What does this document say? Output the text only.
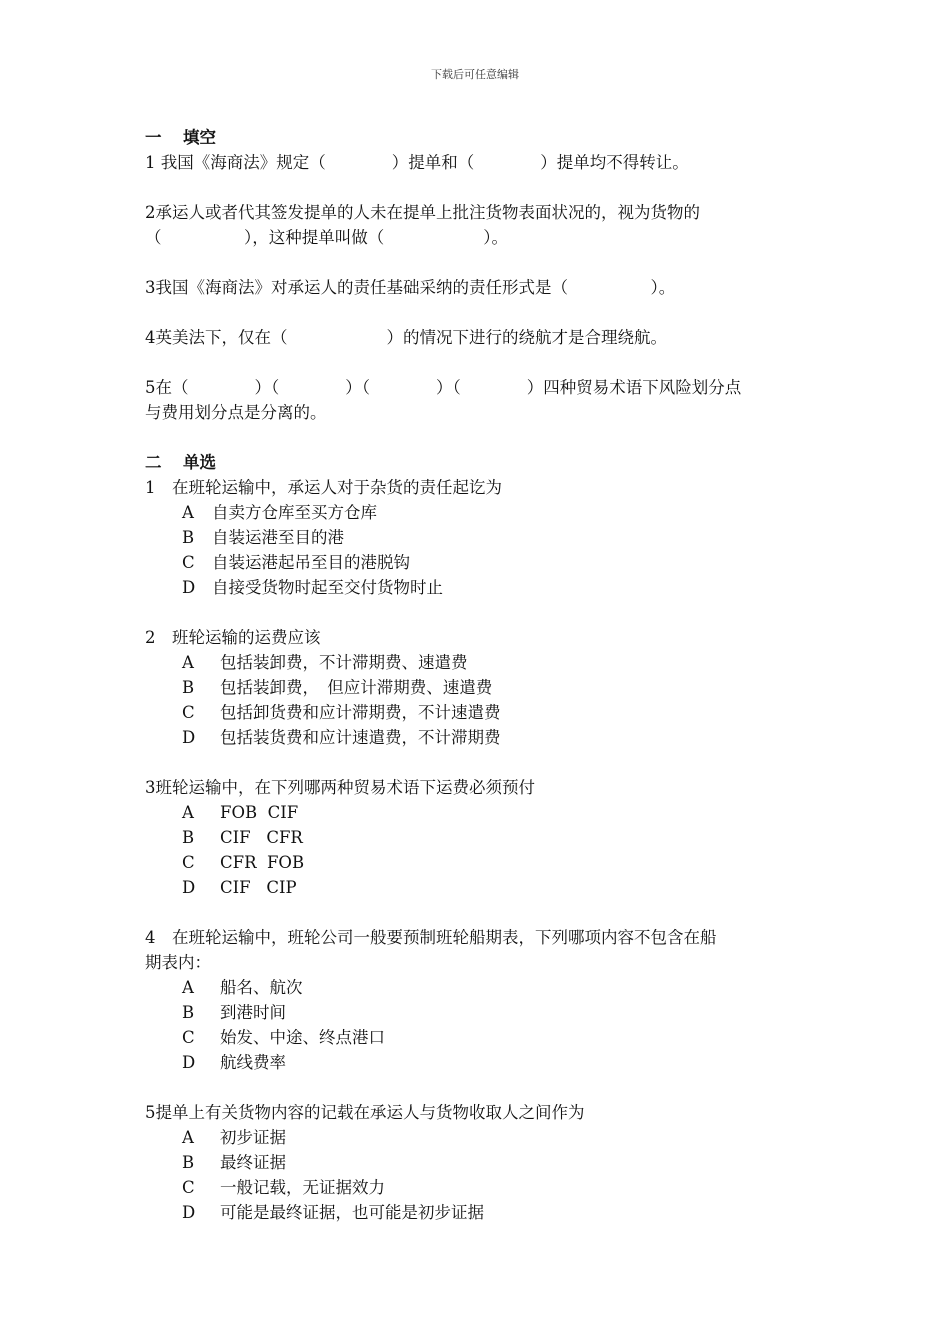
下载后可任意编辑

一 填空

1 我国《海商法》规定（　　　　）提单和（　　　　）提单均不得转让。

2承运人或者代其签发提单的人未在提单上批注货物表面状况的，视为货物的

（　　　　　），这种提单叫做（　　　　　　）。

3我国《海商法》对承运人的责任基础采纳的责任形式是（　　　　　）。

4英美法下，仅在（　　　　　　）的情况下进行的绕航才是合理绕航。

5在（　　　　）（　　　　）（　　　　）（　　　　）四种贸易术语下风险划分点

与费用划分点是分离的。

二 单选

1　在班轮运输中，承运人对于杂货的责任起讫为

A 自卖方仓库至买方仓库
B 自装运港至目的港
C 自装运港起吊至目的港脱钩
D 自接受货物时起至交付货物时止

2　班轮运输的运费应该

A 包括装卸费，不计滞期费、速遣费
B 包括装卸费，　但应计滞期费、速遣费
C 包括卸货费和应计滞期费，不计速遣费
D 包括装货费和应计速遣费，不计滞期费

3班轮运输中，在下列哪两种贸易术语下运费必须预付

A FOB  CIF
B CIF   CFR
C CFR  FOB
D CIF   CIP

4　在班轮运输中，班轮公司一般要预制班轮船期表，下列哪项内容不包含在船

期表内：

A 船名、航次
B 到港时间
C 始发、中途、终点港口
D 航线费率

5提单上有关货物内容的记载在承运人与货物收取人之间作为

A 初步证据
B 最终证据
C 一般记载，无证据效力
D 可能是最终证据，也可能是初步证据
